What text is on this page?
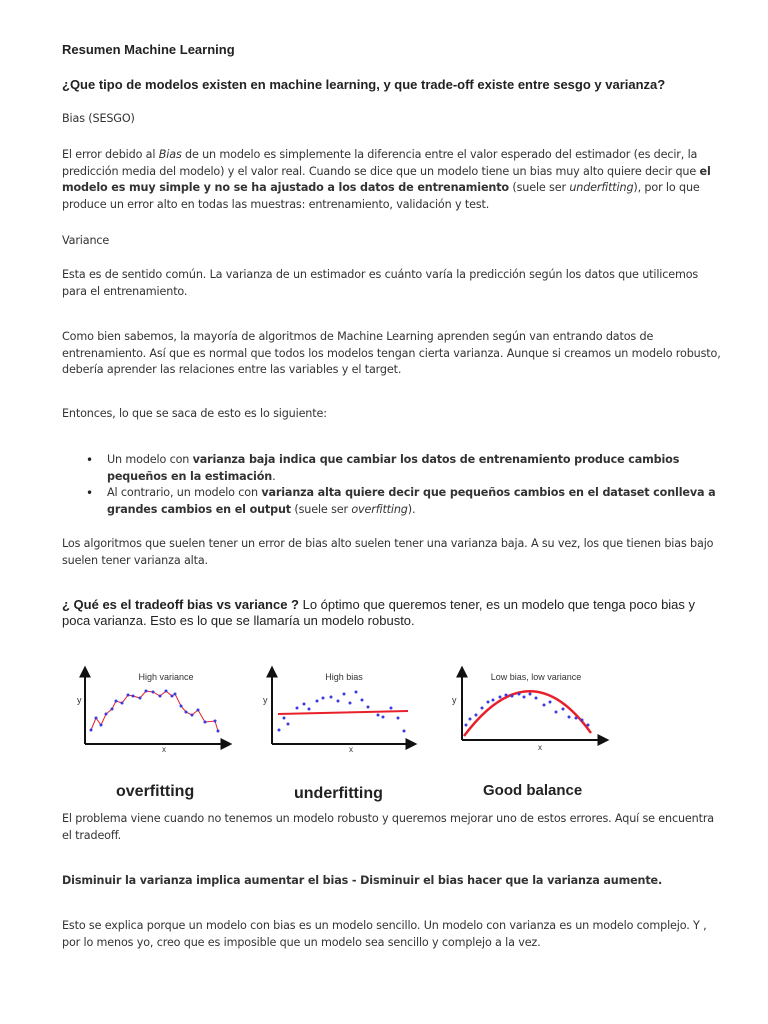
Resumen Machine Learning
¿Que tipo de modelos existen en machine learning, y que trade-off existe entre sesgo y varianza?
Bias (SESGO)
El error debido al Bias de un modelo es simplemente la diferencia entre el valor esperado del estimador (es decir, la predicción media del modelo) y el valor real. Cuando se dice que un modelo tiene un bias muy alto quiere decir que el modelo es muy simple y no se ha ajustado a los datos de entrenamiento (suele ser underfitting), por lo que produce un error alto en todas las muestras: entrenamiento, validación y test.
Variance
Esta es de sentido común. La varianza de un estimador es cuánto varía la predicción según los datos que utilicemos para el entrenamiento.
Como bien sabemos, la mayoría de algoritmos de Machine Learning aprenden según van entrando datos de entrenamiento. Así que es normal que todos los modelos tengan cierta varianza. Aunque si creamos un modelo robusto, debería aprender las relaciones entre las variables y el target.
Entonces, lo que se saca de esto es lo siguiente:
• Un modelo con varianza baja indica que cambiar los datos de entrenamiento produce cambios pequeños en la estimación.
• Al contrario, un modelo con varianza alta quiere decir que pequeños cambios en el dataset conlleva a grandes cambios en el output (suele ser overfitting).
Los algoritmos que suelen tener un error de bias alto suelen tener una varianza baja. A su vez, los que tienen bias bajo suelen tener varianza alta.
¿ Qué es el tradeoff bias vs variance ? Lo óptimo que queremos tener, es un modelo que tenga poco bias y poca varianza. Esto es lo que se llamaría un modelo robusto.
High variance
y
x
High bias
y
x
Low bias, low variance
y
x
overfitting	underfitting	Good balance
El problema viene cuando no tenemos un modelo robusto y queremos mejorar uno de estos errores. Aquí se encuentra el tradeoff.
Disminuir la varianza implica aumentar el bias - Disminuir el bias hacer que la varianza aumente.
Esto se explica porque un modelo con bias es un modelo sencillo. Un modelo con varianza es un modelo complejo. Y , por lo menos yo, creo que es imposible que un modelo sea sencillo y complejo a la vez.
